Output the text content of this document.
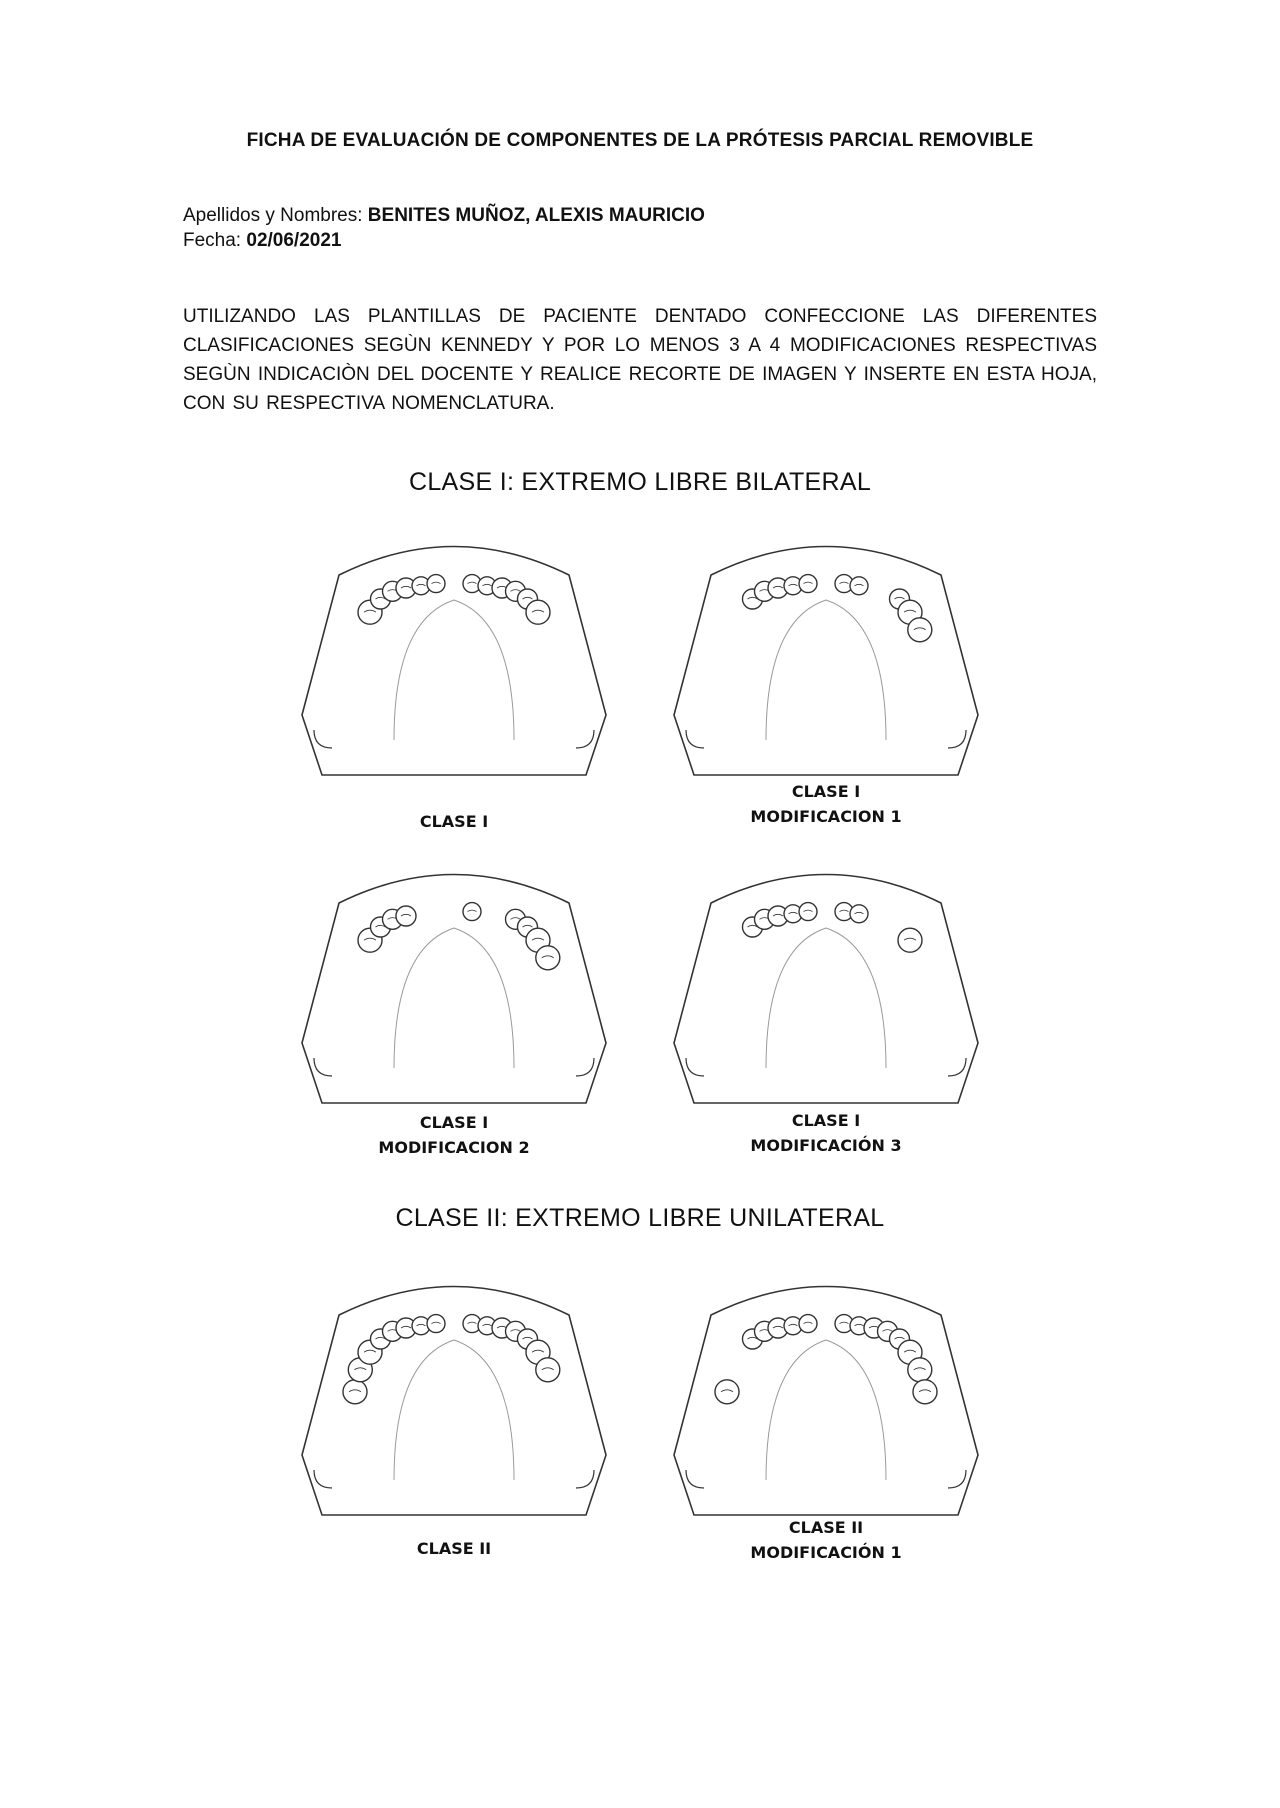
FICHA DE EVALUACIÓN DE COMPONENTES DE LA PRÓTESIS PARCIAL REMOVIBLE
Apellidos y Nombres: BENITES MUÑOZ, ALEXIS MAURICIO
Fecha: 02/06/2021
UTILIZANDO LAS PLANTILLAS DE PACIENTE DENTADO CONFECCIONE LAS DIFERENTES CLASIFICACIONES SEGÙN KENNEDY Y POR LO MENOS 3 A 4 MODIFICACIONES RESPECTIVAS SEGÙN INDICACIÒN DEL DOCENTE Y REALICE RECORTE DE IMAGEN Y INSERTE EN ESTA HOJA, CON SU RESPECTIVA NOMENCLATURA.
CLASE I: EXTREMO LIBRE BILATERAL
CLASE I
CLASE I
MODIFICACION 1
CLASE I
MODIFICACION 2
CLASE I
MODIFICACIÓN 3
CLASE II: EXTREMO LIBRE UNILATERAL
CLASE II
CLASE II
MODIFICACIÓN 1
